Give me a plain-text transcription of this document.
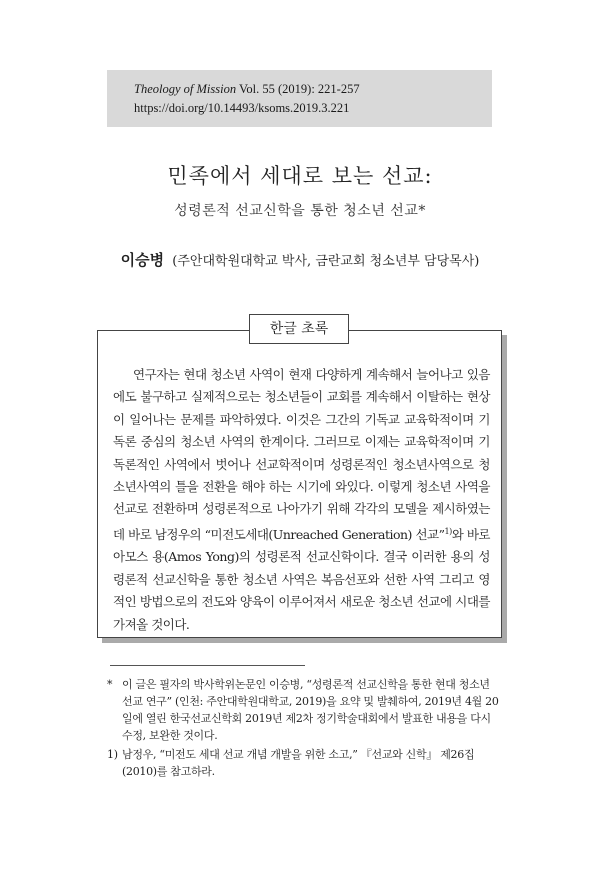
Theology of Mission Vol. 55 (2019): 221-257
https://doi.org/10.14493/ksoms.2019.3.221
민족에서 세대로 보는 선교:
성령론적 선교신학을 통한 청소년 선교*
이승병 (주안대학원대학교 박사, 금란교회 청소년부 담당목사)
한글 초록

연구자는 현대 청소년 사역이 현재 다양하게 계속해서 늘어나고 있음에도 불구하고 실제적으로는 청소년들이 교회를 계속해서 이탈하는 현상이 일어나는 문제를 파악하였다. 이것은 그간의 기독교 교육학적이며 기독론 중심의 청소년 사역의 한계이다. 그러므로 이제는 교육학적이며 기독론적인 사역에서 벗어나 선교학적이며 성령론적인 청소년사역으로 청소년사역의 틀을 전환을 해야 하는 시기에 와있다. 이렇게 청소년 사역을 선교로 전환하며 성령론적으로 나아가기 위해 각각의 모델을 제시하였는데 바로 남정우의 “미전도세대(Unreached Generation) 선교”$^{1)}$와 바로 아모스 용(Amos Yong)의 성령론적 선교신학이다. 결국 이러한 용의 성령론적 선교신학을 통한 청소년 사역은 복음선포와 선한 사역 그리고 영적인 방법으로의 전도와 양육이 이루어져서 새로운 청소년 선교에 시대를 가져올 것이다.

* 이 글은 필자의 박사학위논문인 이승병, “성령론적 선교신학을 통한 현대 청소년 선교 연구” (인천: 주안대학원대학교, 2019)을 요약 및 발췌하여, 2019년 4월 20일에 열린 한국선교신학회 2019년 제2차 정기학술대회에서 발표한 내용을 다시 수정, 보완한 것이다.
1) 남정우, “미전도 세대 선교 개념 개발을 위한 소고,” 『선교와 신학』 제26집 (2010)를 참고하라.
